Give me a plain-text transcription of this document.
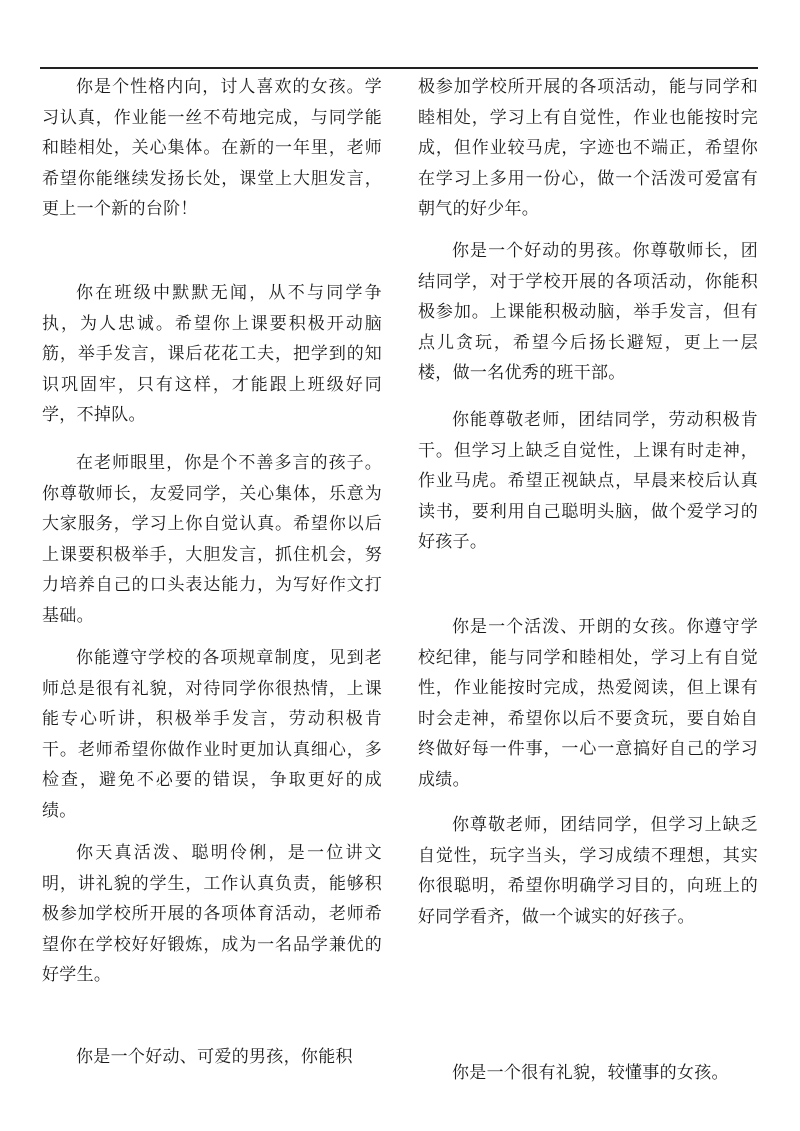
你是个性格内向，讨人喜欢的女孩。学习认真，作业能一丝不苟地完成，与同学能和睦相处，关心集体。在新的一年里，老师希望你能继续发扬长处，课堂上大胆发言，更上一个新的台阶！

你在班级中默默无闻，从不与同学争执，为人忠诚。希望你上课要积极开动脑筋，举手发言，课后花花工夫，把学到的知识巩固牢，只有这样，才能跟上班级好同学，不掉队。

在老师眼里，你是个不善多言的孩子。你尊敬师长，友爱同学，关心集体，乐意为大家服务，学习上你自觉认真。希望你以后上课要积极举手，大胆发言，抓住机会，努力培养自己的口头表达能力，为写好作文打基础。

你能遵守学校的各项规章制度，见到老师总是很有礼貌，对待同学你很热情，上课能专心听讲，积极举手发言，劳动积极肯干。老师希望你做作业时更加认真细心，多检查，避免不必要的错误，争取更好的成绩。

你天真活泼、聪明伶俐，是一位讲文明，讲礼貌的学生，工作认真负责，能够积极参加学校所开展的各项体育活动，老师希望你在学校好好锻炼，成为一名品学兼优的好学生。

你是一个好动、可爱的男孩，你能积

极参加学校所开展的各项活动，能与同学和睦相处，学习上有自觉性，作业也能按时完成，但作业较马虎，字迹也不端正，希望你在学习上多用一份心，做一个活泼可爱富有朝气的好少年。

你是一个好动的男孩。你尊敬师长，团结同学，对于学校开展的各项活动，你能积极参加。上课能积极动脑，举手发言，但有点儿贪玩，希望今后扬长避短，更上一层楼，做一名优秀的班干部。

你能尊敬老师，团结同学，劳动积极肯干。但学习上缺乏自觉性，上课有时走神，作业马虎。希望正视缺点，早晨来校后认真读书，要利用自己聪明头脑，做个爱学习的好孩子。

你是一个活泼、开朗的女孩。你遵守学校纪律，能与同学和睦相处，学习上有自觉性，作业能按时完成，热爱阅读，但上课有时会走神，希望你以后不要贪玩，要自始自终做好每一件事，一心一意搞好自己的学习成绩。

你尊敬老师，团结同学，但学习上缺乏自觉性，玩字当头，学习成绩不理想，其实你很聪明，希望你明确学习目的，向班上的好同学看齐，做一个诚实的好孩子。

你是一个很有礼貌，较懂事的女孩。
